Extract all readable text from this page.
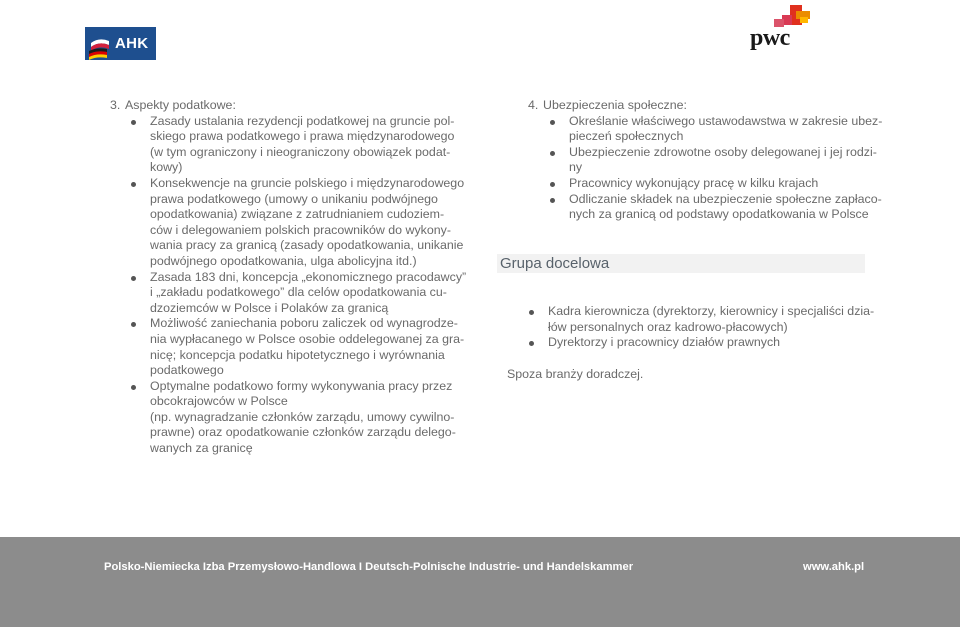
AHK	pwc
3. Aspekty podatkowe:
Zasady ustalania rezydencji podatkowej na gruncie pol-
skiego prawa podatkowego i prawa międzynarodowego
(w tym ograniczony i nieograniczony obowiązek podat-
kowy)
Konsekwencje na gruncie polskiego i międzynarodowego
prawa podatkowego (umowy o unikaniu podwójnego
opodatkowania) związane z zatrudnianiem cudoziem-
ców i delegowaniem polskich pracowników do wykony-
wania pracy za granicą (zasady opodatkowania, unikanie
podwójnego opodatkowania, ulga abolicyjna itd.)
Zasada 183 dni, koncepcja „ekonomicznego pracodawcy”
i „zakładu podatkowego” dla celów opodatkowania cu-
dzoziemców w Polsce i Polaków za granicą
Możliwość zaniechania poboru zaliczek od wynagrodze-
nia wypłacanego w Polsce osobie oddelegowanej za gra-
nicę; koncepcja podatku hipotetycznego i wyrównania
podatkowego
Optymalne podatkowo formy wykonywania pracy przez
obcokrajowców w Polsce
(np. wynagradzanie członków zarządu, umowy cywilno-
prawne) oraz opodatkowanie członków zarządu delego-
wanych za granicę
4. Ubezpieczenia społeczne:
Określanie właściwego ustawodawstwa w zakresie ubez-
pieczeń społecznych
Ubezpieczenie zdrowotne osoby delegowanej i jej rodzi-
ny
Pracownicy wykonujący pracę w kilku krajach
Odliczanie składek na ubezpieczenie społeczne zapłaco-
nych za granicą od podstawy opodatkowania w Polsce
Grupa docelowa
Kadra kierownicza (dyrektorzy, kierownicy i specjaliści dzia-
łów personalnych oraz kadrowo-płacowych)
Dyrektorzy i pracownicy działów prawnych
Spoza branży doradczej.
Polsko-Niemiecka Izba Przemysłowo-Handlowa I Deutsch-Polnische Industrie- und Handelskammer	www.ahk.pl
